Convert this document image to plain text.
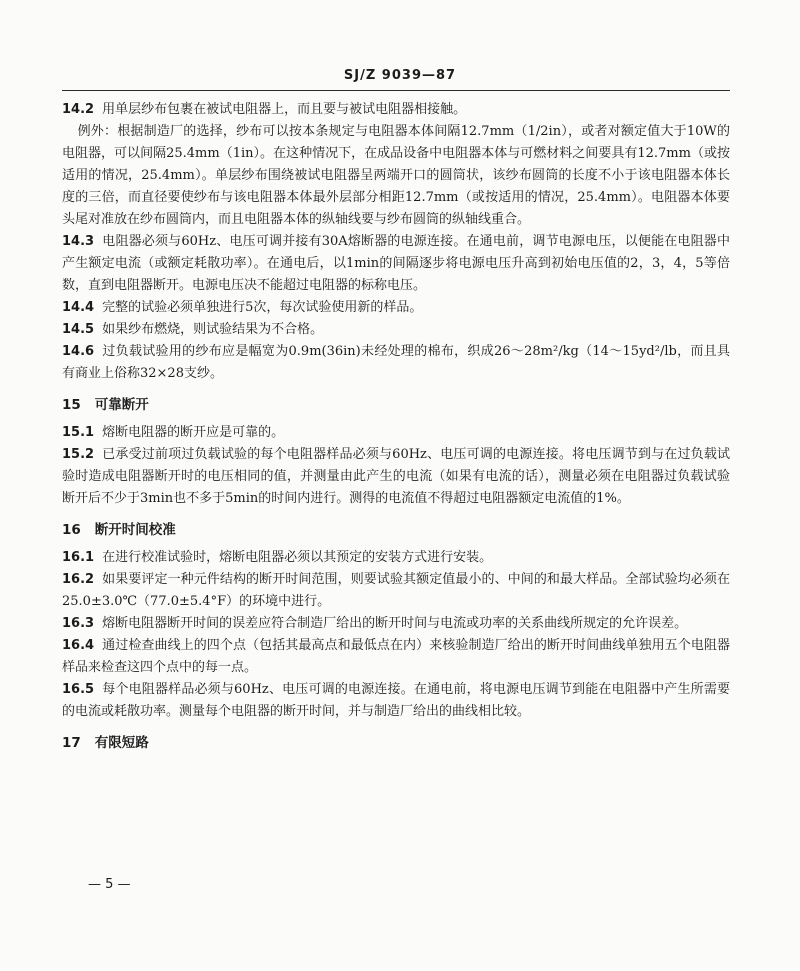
SJ/Z 9039—87

14.2 用单层纱布包裹在被试电阻器上，而且要与被试电阻器相接触。

例外：根据制造厂的选择，纱布可以按本条规定与电阻器本体间隔12.7mm（1/2in），或者对额定值大于10W的电阻器，可以间隔25.4mm（1in）。在这种情况下，在成品设备中电阻器本体与可燃材料之间要具有12.7mm（或按适用的情况，25.4mm）。单层纱布围绕被试电阻器呈两端开口的圆筒状，该纱布圆筒的长度不小于该电阻器本体长度的三倍，而直径要使纱布与该电阻器本体最外层部分相距12.7mm（或按适用的情况，25.4mm）。电阻器本体要头尾对准放在纱布圆筒内，而且电阻器本体的纵轴线要与纱布圆筒的纵轴线重合。

14.3 电阻器必须与60Hz、电压可调并接有30A熔断器的电源连接。在通电前，调节电源电压，以便能在电阻器中产生额定电流（或额定耗散功率）。在通电后，以1min的间隔逐步将电源电压升高到初始电压值的2，3，4，5等倍数，直到电阻器断开。电源电压决不能超过电阻器的标称电压。

14.4 完整的试验必须单独进行5次，每次试验使用新的样品。

14.5 如果纱布燃烧，则试验结果为不合格。

14.6 过负载试验用的纱布应是幅宽为0.9m(36in)未经处理的棉布，织成26～28m²/kg（14～15yd²/lb，而且具有商业上俗称32×28支纱。

15 可靠断开

15.1 熔断电阻器的断开应是可靠的。

15.2 已承受过前项过负载试验的每个电阻器样品必须与60Hz、电压可调的电源连接。将电压调节到与在过负载试验时造成电阻器断开时的电压相同的值，并测量由此产生的电流（如果有电流的话），测量必须在电阻器过负载试验断开后不少于3min也不多于5min的时间内进行。测得的电流值不得超过电阻器额定电流值的1%。

16 断开时间校准

16.1 在进行校准试验时，熔断电阻器必须以其预定的安装方式进行安装。

16.2 如果要评定一种元件结构的断开时间范围，则要试验其额定值最小的、中间的和最大样品。全部试验均必须在25.0±3.0℃（77.0±5.4°F）的环境中进行。

16.3 熔断电阻器断开时间的误差应符合制造厂给出的断开时间与电流或功率的关系曲线所规定的允许误差。

16.4 通过检查曲线上的四个点（包括其最高点和最低点在内）来核验制造厂给出的断开时间曲线单独用五个电阻器样品来检查这四个点中的每一点。

16.5 每个电阻器样品必须与60Hz、电压可调的电源连接。在通电前，将电源电压调节到能在电阻器中产生所需要的电流或耗散功率。测量每个电阻器的断开时间，并与制造厂给出的曲线相比较。

17 有限短路
— 5 —
